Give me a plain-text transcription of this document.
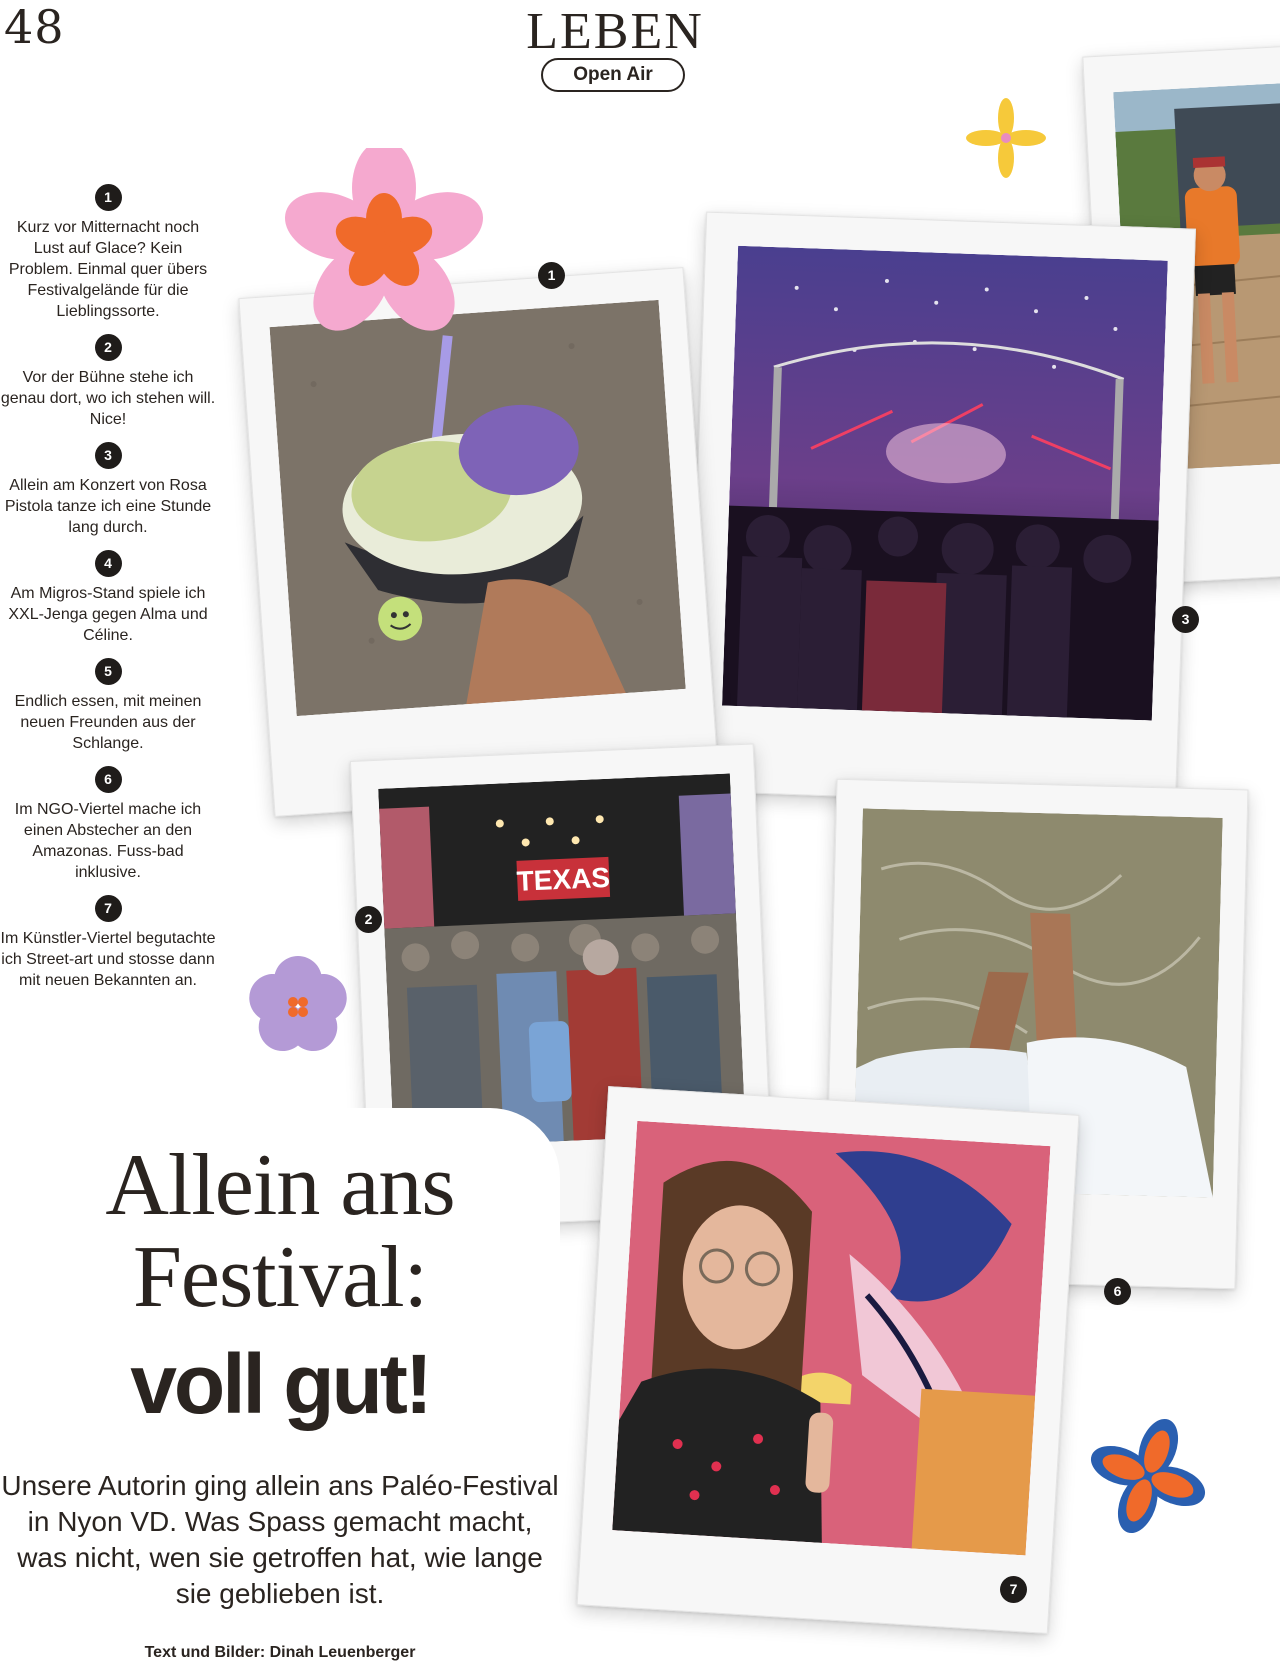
48	LEBEN
Open Air
1
Kurz vor Mitternacht noch Lust auf Glace? Kein Problem. Einmal quer übers Festivalgelände für die Lieblingssorte.
2
Vor der Bühne stehe ich genau dort, wo ich stehen will. Nice!
3
Allein am Konzert von Rosa Pistola tanze ich eine Stunde lang durch.
4
Am Migros-Stand spiele ich XXL-Jenga gegen Alma und Céline.
5
Endlich essen, mit meinen neuen Freunden aus der Schlange.
6
Im NGO-Viertel mache ich einen Abstecher an den Amazonas. Fuss-bad inklusive.
7
Im Künstler-Viertel begutachte ich Street-art und stosse dann mit neuen Bekannten an.
TEXAS
1
3
2
6
7
Allein ans
Festival:
voll gut!
Unsere Autorin ging allein ans Paléo-Festival in Nyon VD. Was Spass gemacht macht, was nicht, wen sie getroffen hat, wie lange sie geblieben ist.
Text und Bilder: Dinah Leuenberger
